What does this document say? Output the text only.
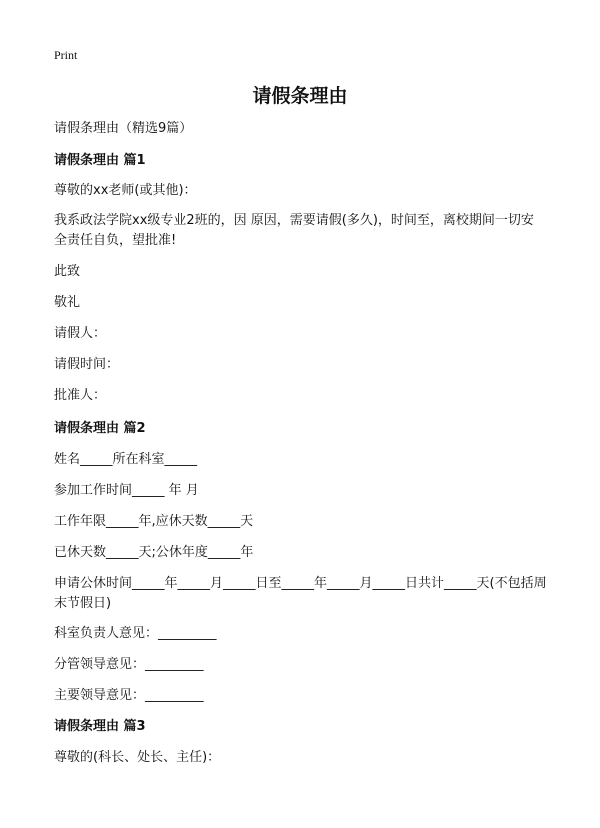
Print
请假条理由
请假条理由（精选9篇）
请假条理由 篇1
尊敬的xx老师(或其他)：
我系政法学院xx级专业2班的，因 原因，需要请假(多久)，时间至，离校期间一切安全责任自负，望批准!
此致
敬礼
请假人：
请假时间：
批准人：
请假条理由 篇2
姓名_____所在科室_____
参加工作时间_____ 年 月
工作年限_____年,应休天数_____天
已休天数_____天;公休年度_____年
申请公休时间_____年_____月_____日至_____年_____月_____日共计_____天(不包括周末节假日)
科室负责人意见：_________
分管领导意见：_________
主要领导意见：_________
请假条理由 篇3
尊敬的(科长、处长、主任)：
